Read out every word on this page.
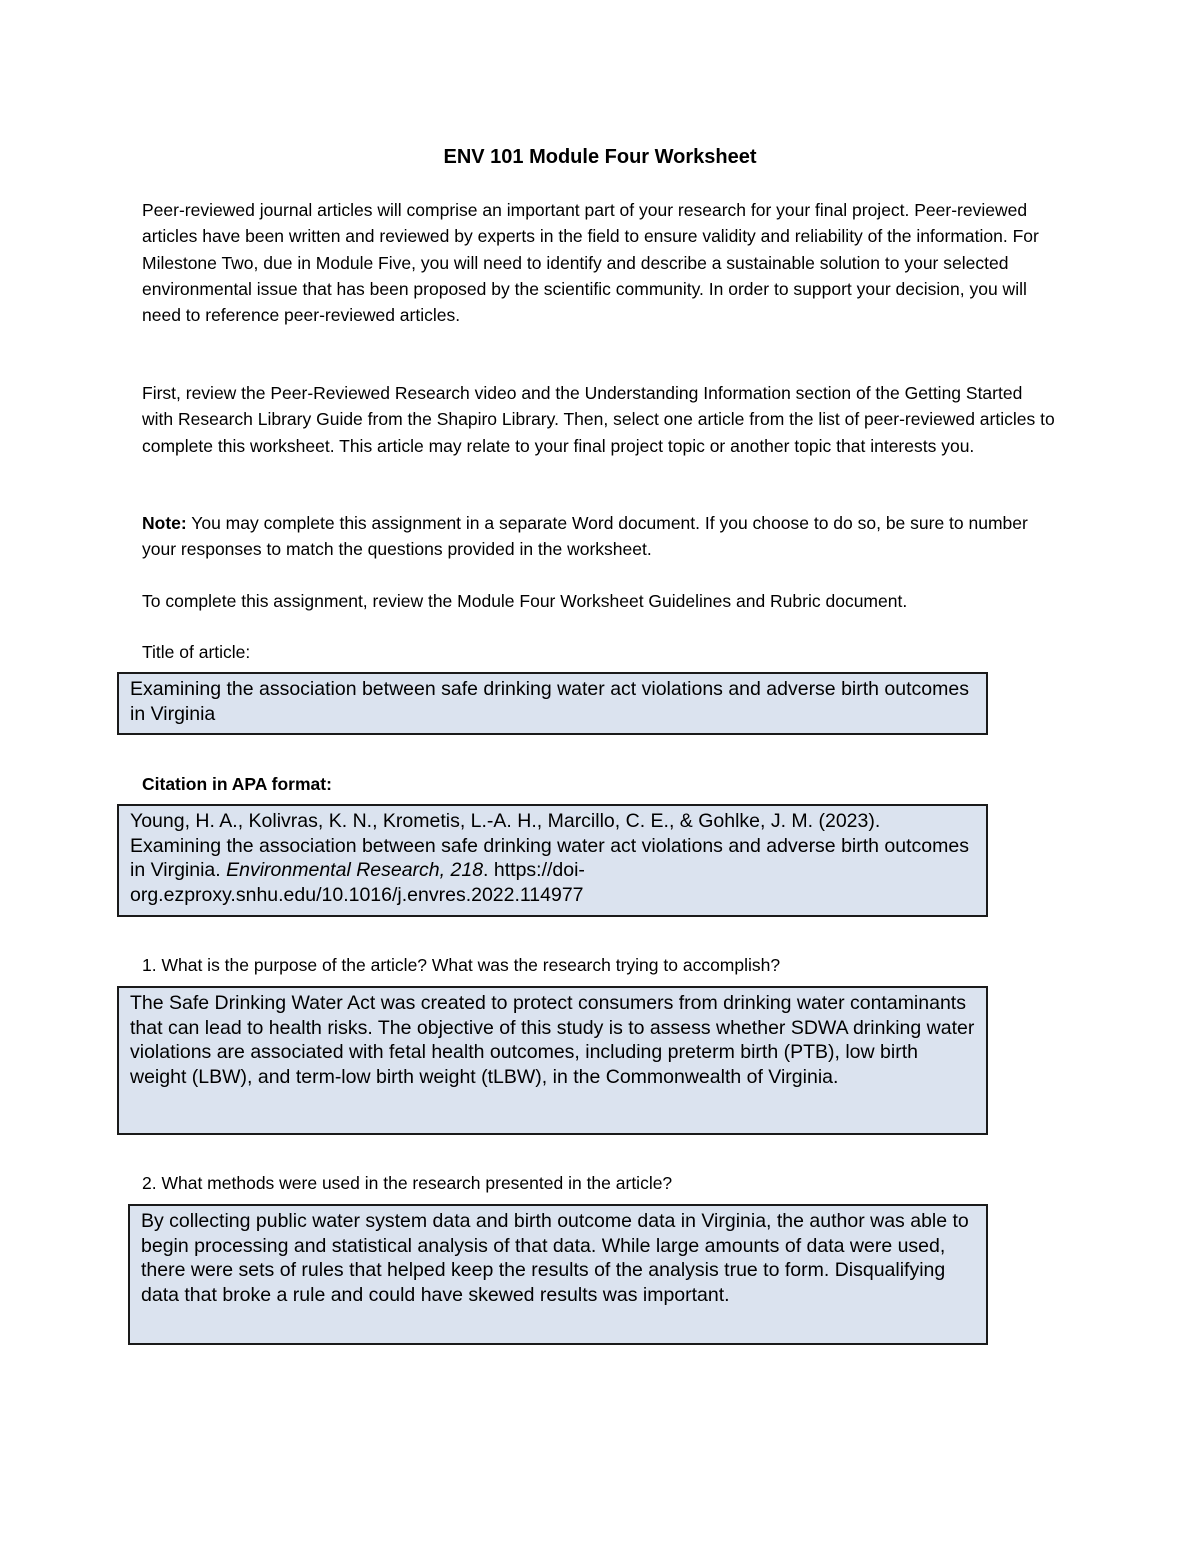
ENV 101 Module Four Worksheet

Peer-reviewed journal articles will comprise an important part of your research for your final project. Peer-reviewed articles have been written and reviewed by experts in the field to ensure validity and reliability of the information. For Milestone Two, due in Module Five, you will need to identify and describe a sustainable solution to your selected environmental issue that has been proposed by the scientific community. In order to support your decision, you will need to reference peer-reviewed articles.

First, review the Peer-Reviewed Research video and the Understanding Information section of the Getting Started with Research Library Guide from the Shapiro Library. Then, select one article from the list of peer-reviewed articles to complete this worksheet. This article may relate to your final project topic or another topic that interests you.

Note: You may complete this assignment in a separate Word document. If you choose to do so, be sure to number your responses to match the questions provided in the worksheet.

To complete this assignment, review the Module Four Worksheet Guidelines and Rubric document.

Title of article:

Examining the association between safe drinking water act violations and adverse birth outcomes in Virginia

Citation in APA format:

Young, H. A., Kolivras, K. N., Krometis, L.-A. H., Marcillo, C. E., & Gohlke, J. M. (2023). Examining the association between safe drinking water act violations and adverse birth outcomes in Virginia. Environmental Research, 218. https://doi-org.ezproxy.snhu.edu/10.1016/j.envres.2022.114977

1. What is the purpose of the article? What was the research trying to accomplish?

The Safe Drinking Water Act was created to protect consumers from drinking water contaminants that can lead to health risks. The objective of this study is to assess whether SDWA drinking water violations are associated with fetal health outcomes, including preterm birth (PTB), low birth weight (LBW), and term-low birth weight (tLBW), in the Commonwealth of Virginia.

2. What methods were used in the research presented in the article?

By collecting public water system data and birth outcome data in Virginia, the author was able to begin processing and statistical analysis of that data. While large amounts of data were used, there were sets of rules that helped keep the results of the analysis true to form. Disqualifying data that broke a rule and could have skewed results was important.
